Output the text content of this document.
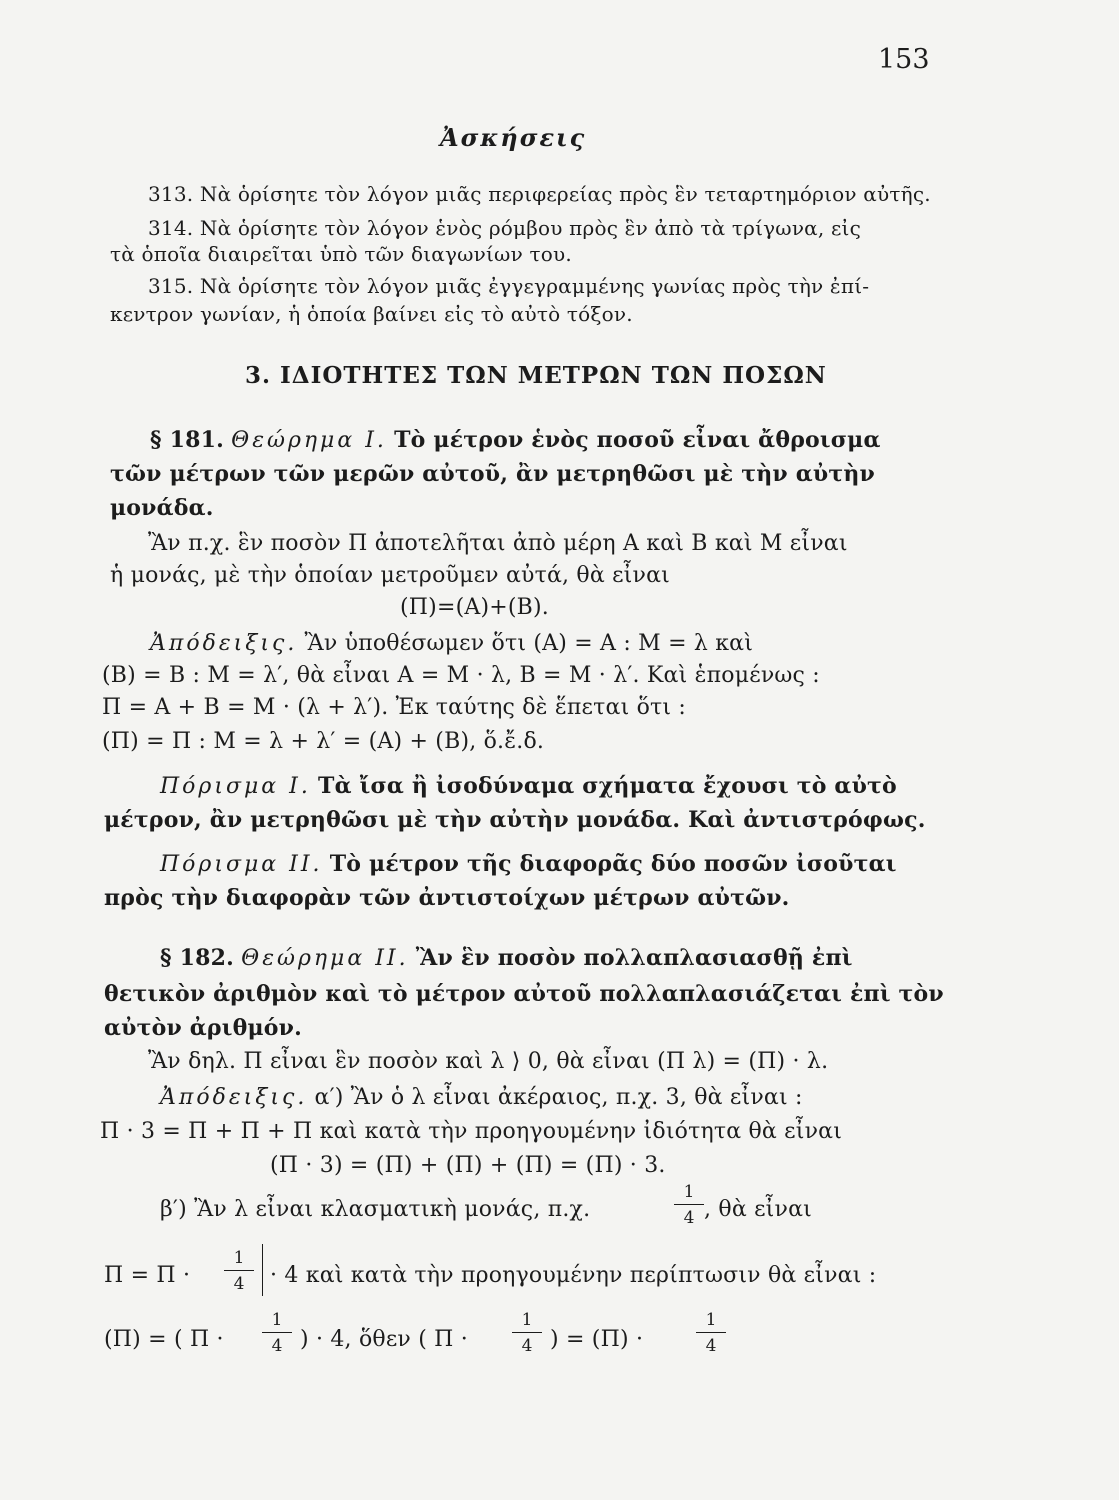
153
Ἀσκήσεις
313. Νὰ ὁρίσητε τὸν λόγον μιᾶς περιφερείας πρὸς ἓν τεταρτημόριον αὐτῆς.
314. Νὰ ὁρίσητε τὸν λόγον ἑνὸς ρόμβου πρὸς ἓν ἀπὸ τὰ τρίγωνα, εἰς
τὰ ὁποῖα διαιρεῖται ὑπὸ τῶν διαγωνίων του.
315. Νὰ ὁρίσητε τὸν λόγον μιᾶς ἐγγεγραμμένης γωνίας πρὸς τὴν ἐπί-
κεντρον γωνίαν, ἡ ὁποία βαίνει εἰς τὸ αὐτὸ τόξον.
3. ΙΔΙΟΤΗΤΕΣ ΤΩΝ ΜΕΤΡΩΝ ΤΩΝ ΠΟΣΩΝ
§ 181. Θεώρημα Ι. Τὸ μέτρον ἑνὸς ποσοῦ εἶναι ἄθροισμα
τῶν μέτρων τῶν μερῶν αὐτοῦ, ἂν μετρηθῶσι μὲ τὴν αὐτὴν
μονάδα.
Ἂν π.χ. ἓν ποσὸν Π ἀποτελῆται ἀπὸ μέρη Α καὶ Β καὶ Μ εἶναι
ἡ μονάς, μὲ τὴν ὁποίαν μετροῦμεν αὐτά, θὰ εἶναι
(Π)=(Α)+(Β).
Ἀπόδειξις. Ἂν ὑποθέσωμεν ὅτι (Α) = Α : Μ = λ καὶ
(Β) = Β : Μ = λ′, θὰ εἶναι Α = Μ · λ, Β = Μ · λ′. Καὶ ἑπομένως :
Π = Α + Β = Μ · (λ + λ′). Ἐκ ταύτης δὲ ἕπεται ὅτι :
(Π) = Π : Μ = λ + λ′ = (Α) + (Β), ὅ.ἔ.δ.
Πόρισμα Ι. Τὰ ἴσα ἢ ἰσοδύναμα σχήματα ἔχουσι τὸ αὐτὸ
μέτρον, ἂν μετρηθῶσι μὲ τὴν αὐτὴν μονάδα. Καὶ ἀντιστρόφως.
Πόρισμα ΙΙ. Τὸ μέτρον τῆς διαφορᾶς δύο ποσῶν ἰσοῦται
πρὸς τὴν διαφορὰν τῶν ἀντιστοίχων μέτρων αὐτῶν.
§ 182. Θεώρημα ΙΙ. Ἂν ἓν ποσὸν πολλαπλασιασθῇ ἐπὶ
θετικὸν ἀριθμὸν καὶ τὸ μέτρον αὐτοῦ πολλαπλασιάζεται ἐπὶ τὸν
αὐτὸν ἀριθμόν.
Ἂν δηλ. Π εἶναι ἓν ποσὸν καὶ λ ⟩ 0, θὰ εἶναι (Π λ) = (Π) · λ.
Ἀπόδειξις. α′) Ἂν ὁ λ εἶναι ἀκέραιος, π.χ. 3, θὰ εἶναι :
Π · 3 = Π + Π + Π καὶ κατὰ τὴν προηγουμένην ἰδιότητα θὰ εἶναι
(Π · 3) = (Π) + (Π) + (Π) = (Π) · 3.
β′) Ἂν λ εἶναι κλασματικὴ μονάς, π.χ.
1
4 , θὰ εἶναι
Π = Π ·
1
4	· 4 καὶ κατὰ τὴν προηγουμένην περίπτωσιν θὰ εἶναι :
(Π) = ( Π ·
1
4 ) · 4, ὅθεν ( Π ·
1
4 ) = (Π) ·
1
4
